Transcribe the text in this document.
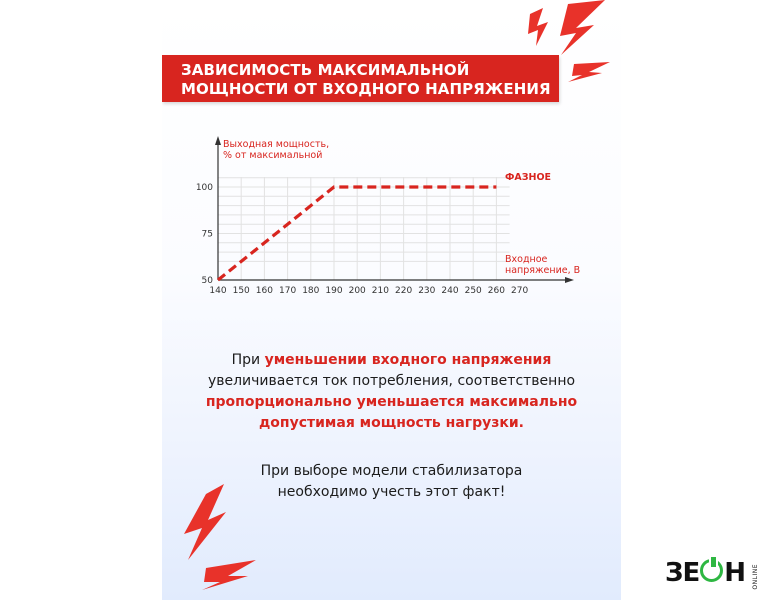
ЗАВИСИМОСТЬ МАКСИМАЛЬНОЙ
МОЩНОСТИ ОТ ВХОДНОГО НАПРЯЖЕНИЯ
140 150 160 170 180 190 200 210 220 230 240 250 260 270
50
75
100
Выходная мощность,
% от максимальной
Входное
напряжение, В
ФАЗНОЕ
При уменьшении входного напряжения
увеличивается ток потребления, соответственно
пропорционально уменьшается максимально
допустимая мощность нагрузки.
При выборе модели стабилизатора
необходимо учесть этот факт!
ЗЕ Н ONLINE
